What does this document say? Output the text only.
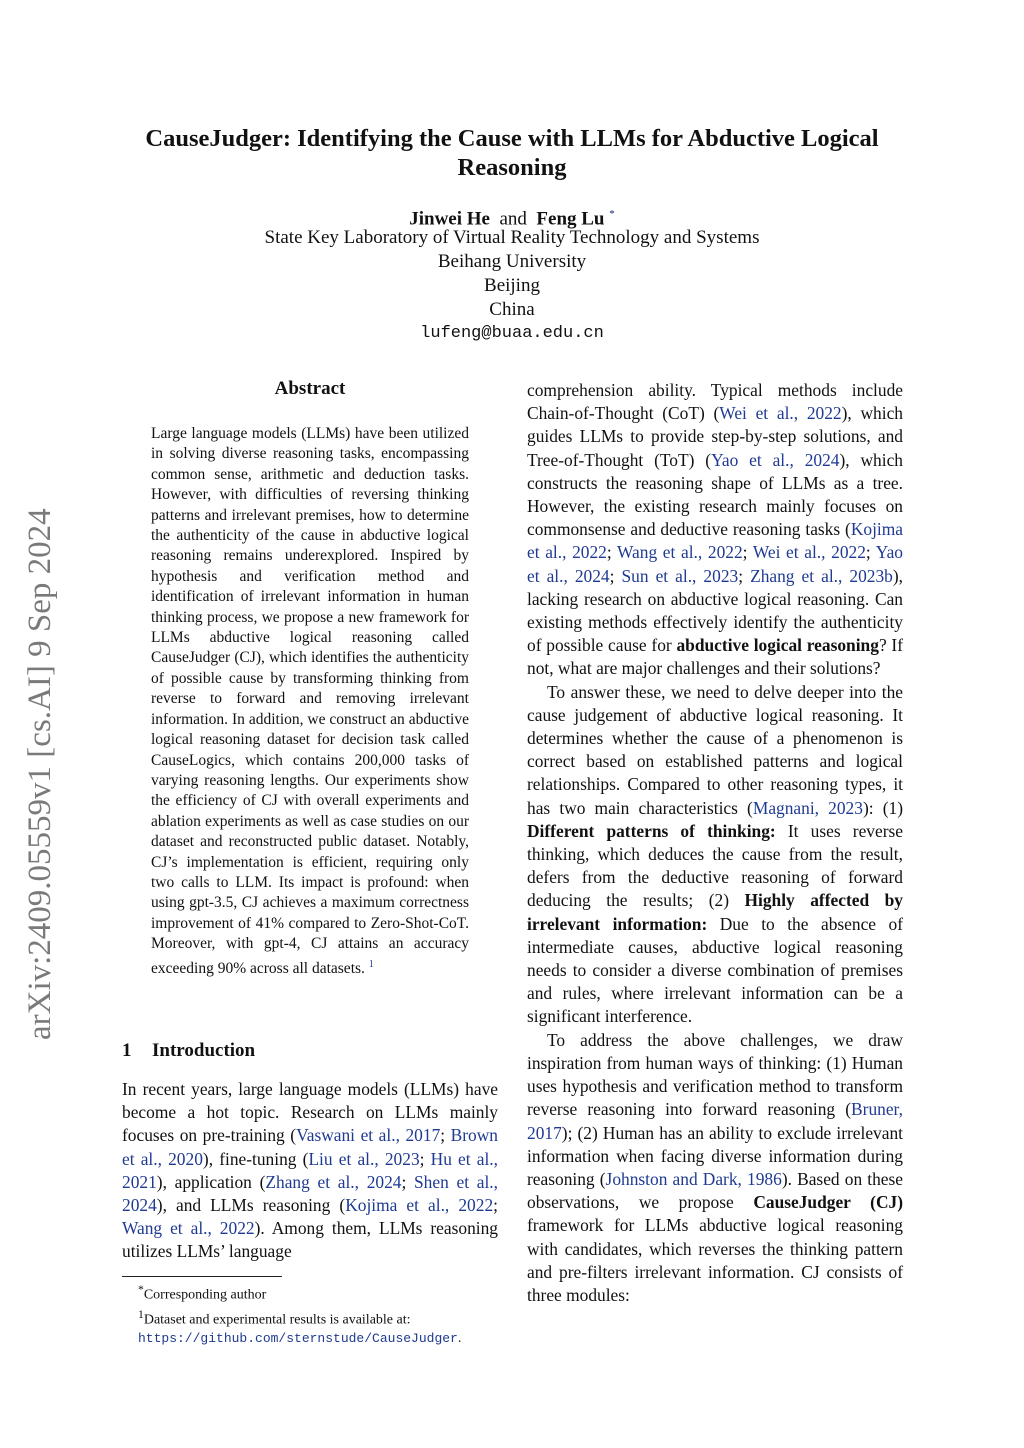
arXiv:2409.05559v1 [cs.AI] 9 Sep 2024
CauseJudger: Identifying the Cause with LLMs for Abductive Logical Reasoning
Jinwei He and Feng Lu *
State Key Laboratory of Virtual Reality Technology and Systems
Beihang University
Beijing
China
lufeng@buaa.edu.cn
Abstract
Large language models (LLMs) have been utilized in solving diverse reasoning tasks, encompassing common sense, arithmetic and deduction tasks. However, with difficulties of reversing thinking patterns and irrelevant premises, how to determine the authenticity of the cause in abductive logical reasoning remains underexplored. Inspired by hypothesis and verification method and identification of irrelevant information in human thinking process, we propose a new framework for LLMs abductive logical reasoning called CauseJudger (CJ), which identifies the authenticity of possible cause by transforming thinking from reverse to forward and removing irrelevant information. In addition, we construct an abductive logical reasoning dataset for decision task called CauseLogics, which contains 200,000 tasks of varying reasoning lengths. Our experiments show the efficiency of CJ with overall experiments and ablation experiments as well as case studies on our dataset and reconstructed public dataset. Notably, CJ’s implementation is efficient, requiring only two calls to LLM. Its impact is profound: when using gpt-3.5, CJ achieves a maximum correctness improvement of 41% compared to Zero-Shot-CoT. Moreover, with gpt-4, CJ attains an accuracy exceeding 90% across all datasets. $^1$
1 Introduction
In recent years, large language models (LLMs) have become a hot topic. Research on LLMs mainly focuses on pre-training (Vaswani et al., 2017; Brown et al., 2020), fine-tuning (Liu et al., 2023; Hu et al., 2021), application (Zhang et al., 2024; Shen et al., 2024), and LLMs reasoning (Kojima et al., 2022; Wang et al., 2022). Among them, LLMs reasoning utilizes LLMs’ language
*Corresponding author
$^1$Dataset and experimental results is available at: https://github.com/sternstude/CauseJudger.

comprehension ability. Typical methods include Chain-of-Thought (CoT) (Wei et al., 2022), which guides LLMs to provide step-by-step solutions, and Tree-of-Thought (ToT) (Yao et al., 2024), which constructs the reasoning shape of LLMs as a tree. However, the existing research mainly focuses on commonsense and deductive reasoning tasks (Kojima et al., 2022; Wang et al., 2022; Wei et al., 2022; Yao et al., 2024; Sun et al., 2023; Zhang et al., 2023b), lacking research on abductive logical reasoning. Can existing methods effectively identify the authenticity of possible cause for abductive logical reasoning? If not, what are major challenges and their solutions?

To answer these, we need to delve deeper into the cause judgement of abductive logical reasoning. It determines whether the cause of a phenomenon is correct based on established patterns and logical relationships. Compared to other reasoning types, it has two main characteristics (Magnani, 2023): (1) Different patterns of thinking: It uses reverse thinking, which deduces the cause from the result, defers from the deductive reasoning of forward deducing the results; (2) Highly affected by irrelevant information: Due to the absence of intermediate causes, abductive logical reasoning needs to consider a diverse combination of premises and rules, where irrelevant information can be a significant interference.

To address the above challenges, we draw inspiration from human ways of thinking: (1) Human uses hypothesis and verification method to transform reverse reasoning into forward reasoning (Bruner, 2017); (2) Human has an ability to exclude irrelevant information when facing diverse information during reasoning (Johnston and Dark, 1986). Based on these observations, we propose CauseJudger (CJ) framework for LLMs abductive logical reasoning with candidates, which reverses the thinking pattern and pre-filters irrelevant information. CJ consists of three modules:
